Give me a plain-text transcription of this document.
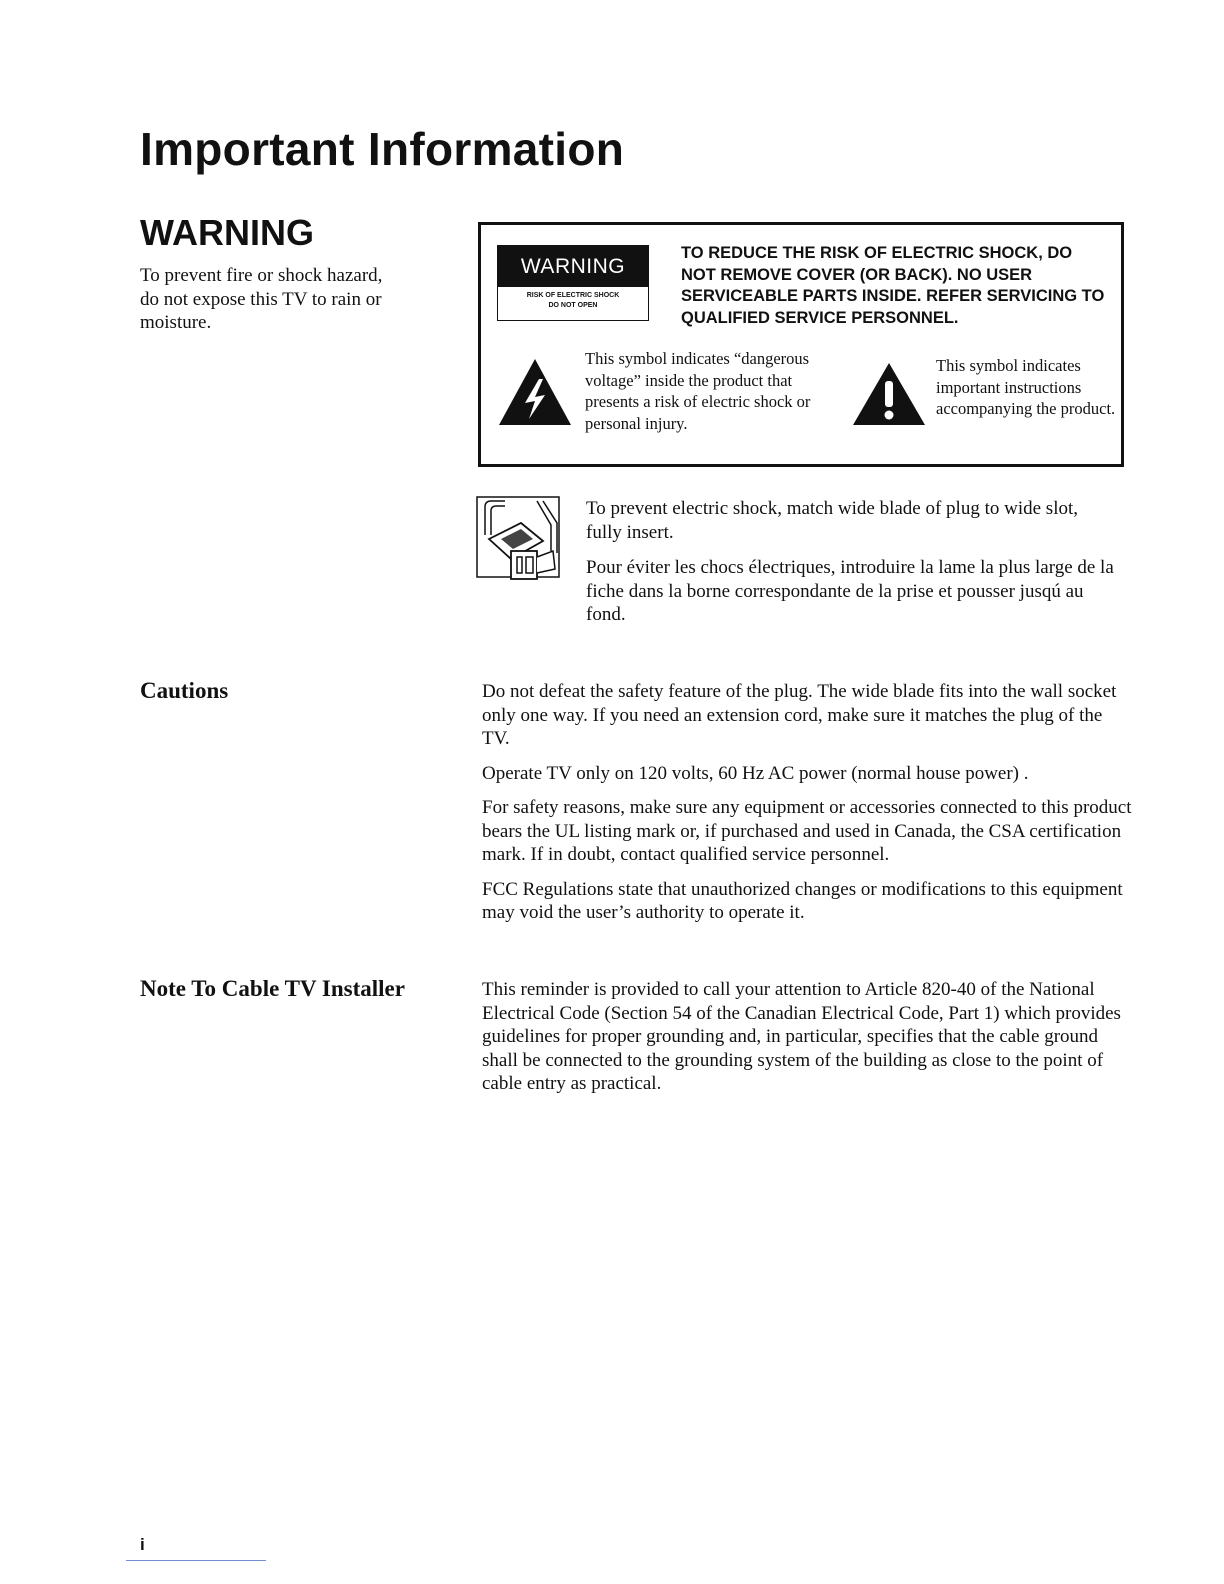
Important Information
WARNING
To prevent fire or shock hazard, do not expose this TV to rain or moisture.
WARNING
RISK OF ELECTRIC SHOCK
DO NOT OPEN
TO REDUCE THE RISK OF ELECTRIC SHOCK, DO NOT REMOVE COVER (OR BACK). NO USER SERVICEABLE PARTS INSIDE. REFER SERVICING TO QUALIFIED SERVICE PERSONNEL.
This symbol indicates “dangerous voltage” inside the product that presents a risk of electric shock or personal injury.
This symbol indicates important instructions accompanying the product.
To prevent electric shock, match wide blade of plug to wide slot, fully insert.
Pour éviter les chocs électriques, introduire la lame la plus large de la fiche dans la borne correspondante de la prise et pousser jusqú au fond.
Cautions	Do not defeat the safety feature of the plug. The wide blade fits into the wall socket only one way. If you need an extension cord, make sure it matches the plug of the TV.

Operate TV only on 120 volts, 60 Hz AC power (normal house power) .

For safety reasons, make sure any equipment or accessories connected to this product bears the UL listing mark or, if purchased and used in Canada, the CSA certification mark. If in doubt, contact qualified service personnel.

FCC Regulations state that unauthorized changes or modifications to this equipment may void the user’s authority to operate it.

Note To Cable TV Installer	This reminder is provided to call your attention to Article 820-40 of the National Electrical Code (Section 54 of the Canadian Electrical Code, Part 1) which provides guidelines for proper grounding and, in particular, specifies that the cable ground shall be connected to the grounding system of the building as close to the point of cable entry as practical.

i
